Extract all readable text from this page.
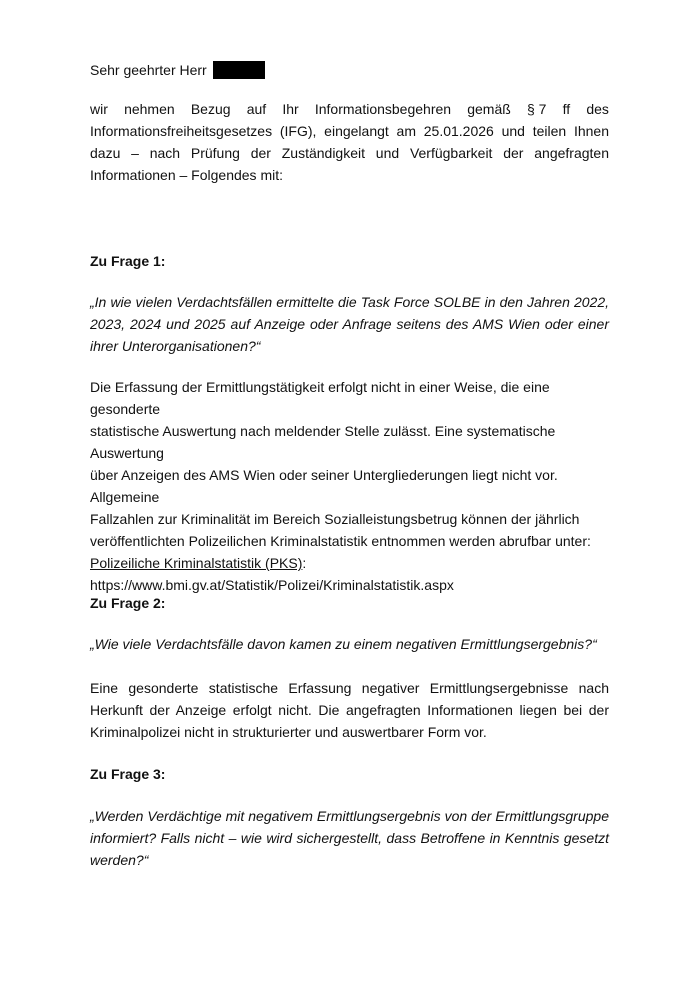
Sehr geehrter Herr

wir nehmen Bezug auf Ihr Informationsbegehren gemäß § 7 ff des
Informationsfreiheitsgesetzes (IFG), eingelangt am 25.01.2026 und teilen Ihnen dazu – nach Prüfung der Zuständigkeit und Verfügbarkeit der angefragten Informationen – Folgendes mit:

Zu Frage 1:

„In wie vielen Verdachtsfällen ermittelte die Task Force SOLBE in den Jahren 2022, 2023, 2024 und 2025 auf Anzeige oder Anfrage seitens des AMS Wien oder einer ihrer Unterorganisationen?“

Die Erfassung der Ermittlungstätigkeit erfolgt nicht in einer Weise, die eine gesonderte
statistische Auswertung nach meldender Stelle zulässt. Eine systematische Auswertung
über Anzeigen des AMS Wien oder seiner Untergliederungen liegt nicht vor. Allgemeine
Fallzahlen zur Kriminalität im Bereich Sozialleistungsbetrug können der jährlich
veröffentlichten Polizeilichen Kriminalstatistik entnommen werden abrufbar unter:
Polizeiliche Kriminalstatistik (PKS):
https://www.bmi.gv.at/Statistik/Polizei/Kriminalstatistik.aspx

Zu Frage 2:

„Wie viele Verdachtsfälle davon kamen zu einem negativen Ermittlungsergebnis?“

Eine gesonderte statistische Erfassung negativer Ermittlungsergebnisse nach Herkunft der Anzeige erfolgt nicht. Die angefragten Informationen liegen bei der Kriminalpolizei nicht in strukturierter und auswertbarer Form vor.

Zu Frage 3:

„Werden Verdächtige mit negativem Ermittlungsergebnis von der Ermittlungsgruppe informiert? Falls nicht – wie wird sichergestellt, dass Betroffene in Kenntnis gesetzt werden?“
